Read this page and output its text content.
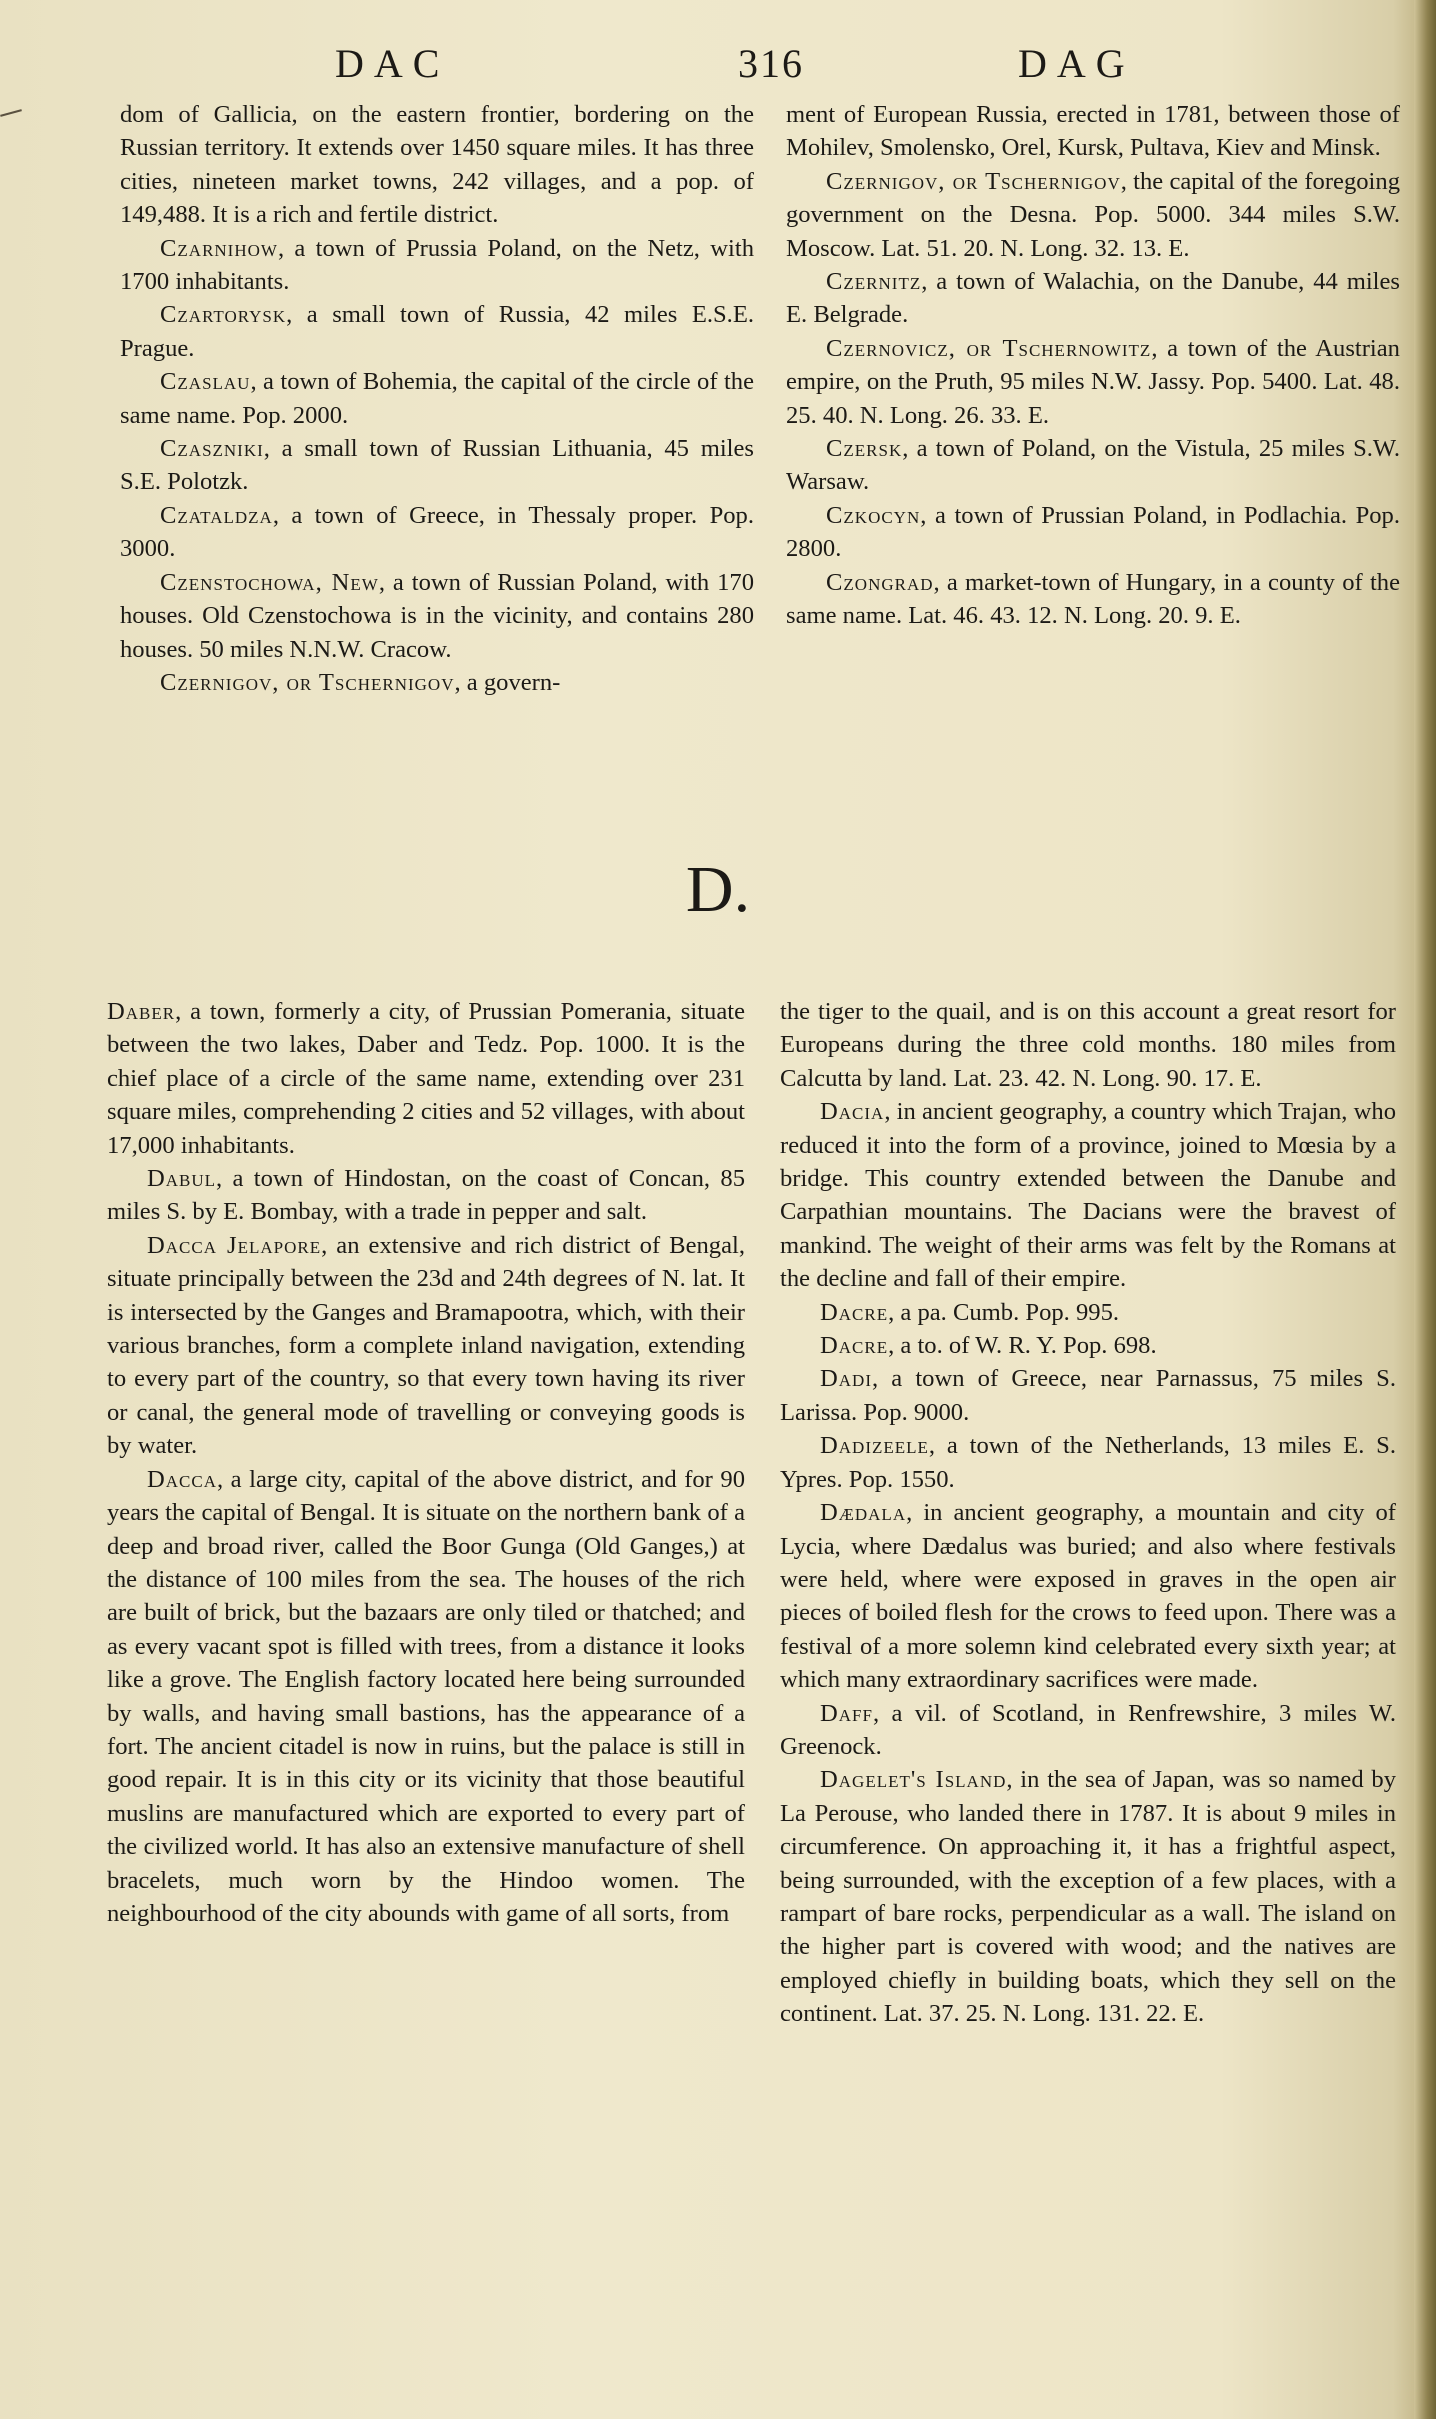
DAC	316	DAG

dom of Gallicia, on the eastern frontier, bordering on the Russian territory. It extends over 1450 square miles. It has three cities, nineteen market towns, 242 villages, and a pop. of 149,488. It is a rich and fertile district.

Czarnihow, a town of Prussia Poland, on the Netz, with 1700 inhabitants.

Czartorysk, a small town of Russia, 42 miles E.S.E. Prague.

Czaslau, a town of Bohemia, the capital of the circle of the same name. Pop. 2000.

Czaszniki, a small town of Russian Lithuania, 45 miles S.E. Polotzk.

Czataldza, a town of Greece, in Thessaly proper. Pop. 3000.

Czenstochowa, New, a town of Russian Poland, with 170 houses. Old Czenstochowa is in the vicinity, and contains 280 houses. 50 miles N.N.W. Cracow.

Czernigov, or Tschernigov, a govern-

ment of European Russia, erected in 1781, between those of Mohilev, Smolensko, Orel, Kursk, Pultava, Kiev and Minsk.

Czernigov, or Tschernigov, the capital of the foregoing government on the Desna. Pop. 5000. 344 miles S.W. Moscow. Lat. 51. 20. N. Long. 32. 13. E.

Czernitz, a town of Walachia, on the Danube, 44 miles E. Belgrade.

Czernovicz, or Tschernowitz, a town of the Austrian empire, on the Pruth, 95 miles N.W. Jassy. Pop. 5400. Lat. 48. 25. 40. N. Long. 26. 33. E.

Czersk, a town of Poland, on the Vistula, 25 miles S.W. Warsaw.

Czkocyn, a town of Prussian Poland, in Podlachia. Pop. 2800.

Czongrad, a market-town of Hungary, in a county of the same name. Lat. 46. 43. 12. N. Long. 20. 9. E.

D.

Daber, a town, formerly a city, of Prussian Pomerania, situate between the two lakes, Daber and Tedz. Pop. 1000. It is the chief place of a circle of the same name, extending over 231 square miles, comprehending 2 cities and 52 villages, with about 17,000 inhabitants.

Dabul, a town of Hindostan, on the coast of Concan, 85 miles S. by E. Bombay, with a trade in pepper and salt.

Dacca Jelapore, an extensive and rich district of Bengal, situate principally between the 23d and 24th degrees of N. lat. It is intersected by the Ganges and Bramapootra, which, with their various branches, form a complete inland navigation, extending to every part of the country, so that every town having its river or canal, the general mode of travelling or conveying goods is by water.

Dacca, a large city, capital of the above district, and for 90 years the capital of Bengal. It is situate on the northern bank of a deep and broad river, called the Boor Gunga (Old Ganges,) at the distance of 100 miles from the sea. The houses of the rich are built of brick, but the bazaars are only tiled or thatched; and as every vacant spot is filled with trees, from a distance it looks like a grove. The English factory located here being surrounded by walls, and having small bastions, has the appearance of a fort. The ancient citadel is now in ruins, but the palace is still in good repair. It is in this city or its vicinity that those beautiful muslins are manufactured which are exported to every part of the civilized world. It has also an extensive manufacture of shell bracelets, much worn by the Hindoo women. The neighbourhood of the city abounds with game of all sorts, from

the tiger to the quail, and is on this account a great resort for Europeans during the three cold months. 180 miles from Calcutta by land. Lat. 23. 42. N. Long. 90. 17. E.

Dacia, in ancient geography, a country which Trajan, who reduced it into the form of a province, joined to Mœsia by a bridge. This country extended between the Danube and Carpathian mountains. The Dacians were the bravest of mankind. The weight of their arms was felt by the Romans at the decline and fall of their empire.

Dacre, a pa. Cumb. Pop. 995.

Dacre, a to. of W. R. Y. Pop. 698.

Dadi, a town of Greece, near Parnassus, 75 miles S. Larissa. Pop. 9000.

Dadizeele, a town of the Netherlands, 13 miles E. S. Ypres. Pop. 1550.

Dædala, in ancient geography, a mountain and city of Lycia, where Dædalus was buried; and also where festivals were held, where were exposed in graves in the open air pieces of boiled flesh for the crows to feed upon. There was a festival of a more solemn kind celebrated every sixth year; at which many extraordinary sacrifices were made.

Daff, a vil. of Scotland, in Renfrewshire, 3 miles W. Greenock.

Dagelet's Island, in the sea of Japan, was so named by La Perouse, who landed there in 1787. It is about 9 miles in circumference. On approaching it, it has a frightful aspect, being surrounded, with the exception of a few places, with a rampart of bare rocks, perpendicular as a wall. The island on the higher part is covered with wood; and the natives are employed chiefly in building boats, which they sell on the continent. Lat. 37. 25. N. Long. 131. 22. E.
